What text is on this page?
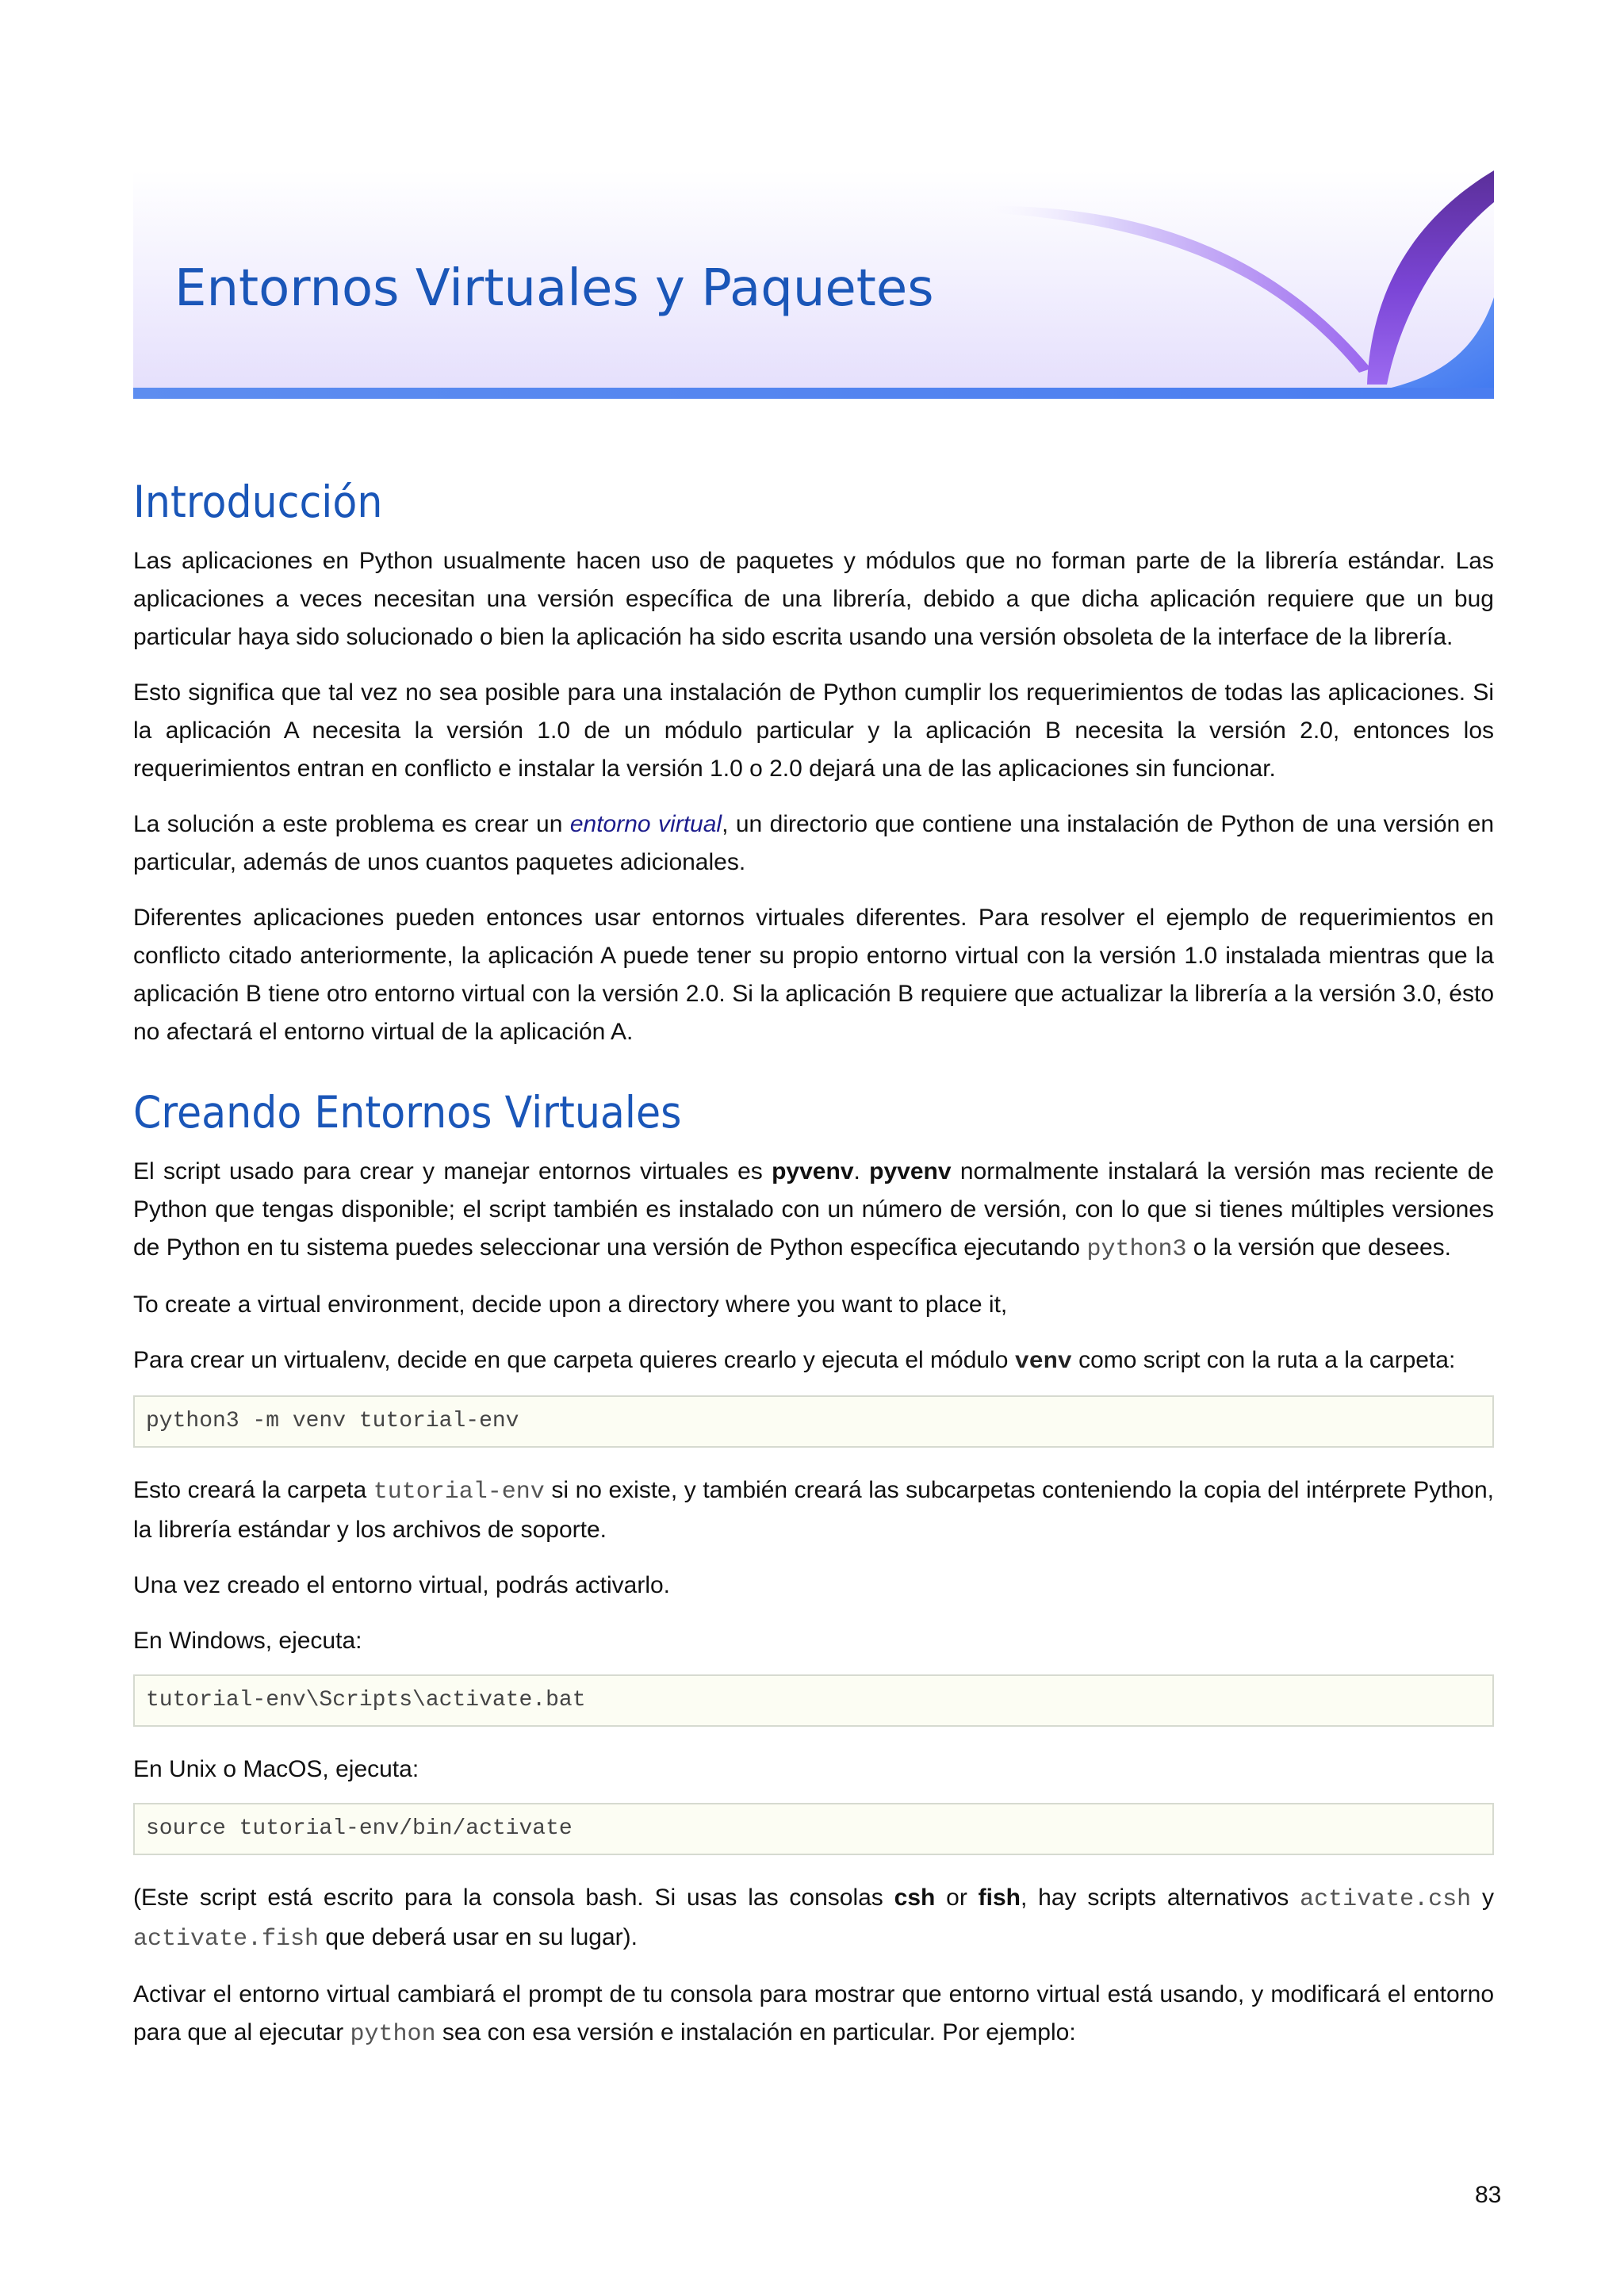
Entornos Virtuales y Paquetes
Introducción

Las aplicaciones en Python usualmente hacen uso de paquetes y módulos que no forman parte de la librería estándar. Las aplicaciones a veces necesitan una versión específica de una librería, debido a que dicha aplicación requiere que un bug particular haya sido solucionado o bien la aplicación ha sido escrita usando una versión obsoleta de la interface de la librería.

Esto significa que tal vez no sea posible para una instalación de Python cumplir los requerimientos de todas las aplicaciones. Si la aplicación A necesita la versión 1.0 de un módulo particular y la aplicación B necesita la versión 2.0, entonces los requerimientos entran en conflicto e instalar la versión 1.0 o 2.0 dejará una de las aplicaciones sin funcionar.

La solución a este problema es crear un entorno virtual, un directorio que contiene una instalación de Python de una versión en particular, además de unos cuantos paquetes adicionales.

Diferentes aplicaciones pueden entonces usar entornos virtuales diferentes. Para resolver el ejemplo de requerimientos en conflicto citado anteriormente, la aplicación A puede tener su propio entorno virtual con la versión 1.0 instalada mientras que la aplicación B tiene otro entorno virtual con la versión 2.0. Si la aplicación B requiere que actualizar la librería a la versión 3.0, ésto no afectará el entorno virtual de la aplicación A.

Creando Entornos Virtuales

El script usado para crear y manejar entornos virtuales es pyvenv. pyvenv normalmente instalará la versión mas reciente de Python que tengas disponible; el script también es instalado con un número de versión, con lo que si tienes múltiples versiones de Python en tu sistema puedes seleccionar una versión de Python específica ejecutando python3 o la versión que desees.

To create a virtual environment, decide upon a directory where you want to place it,

Para crear un virtualenv, decide en que carpeta quieres crearlo y ejecuta el módulo venv como script con la ruta a la carpeta:

python3 -m venv tutorial-env

Esto creará la carpeta tutorial-env si no existe, y también creará las subcarpetas conteniendo la copia del intérprete Python, la librería estándar y los archivos de soporte.

Una vez creado el entorno virtual, podrás activarlo.

En Windows, ejecuta:

tutorial-env\Scripts\activate.bat

En Unix o MacOS, ejecuta:

source tutorial-env/bin/activate

(Este script está escrito para la consola bash. Si usas las consolas csh or fish, hay scripts alternativos activate.csh y activate.fish que deberá usar en su lugar).

Activar el entorno virtual cambiará el prompt de tu consola para mostrar que entorno virtual está usando, y modificará el entorno para que al ejecutar python sea con esa versión e instalación en particular. Por ejemplo:

83
